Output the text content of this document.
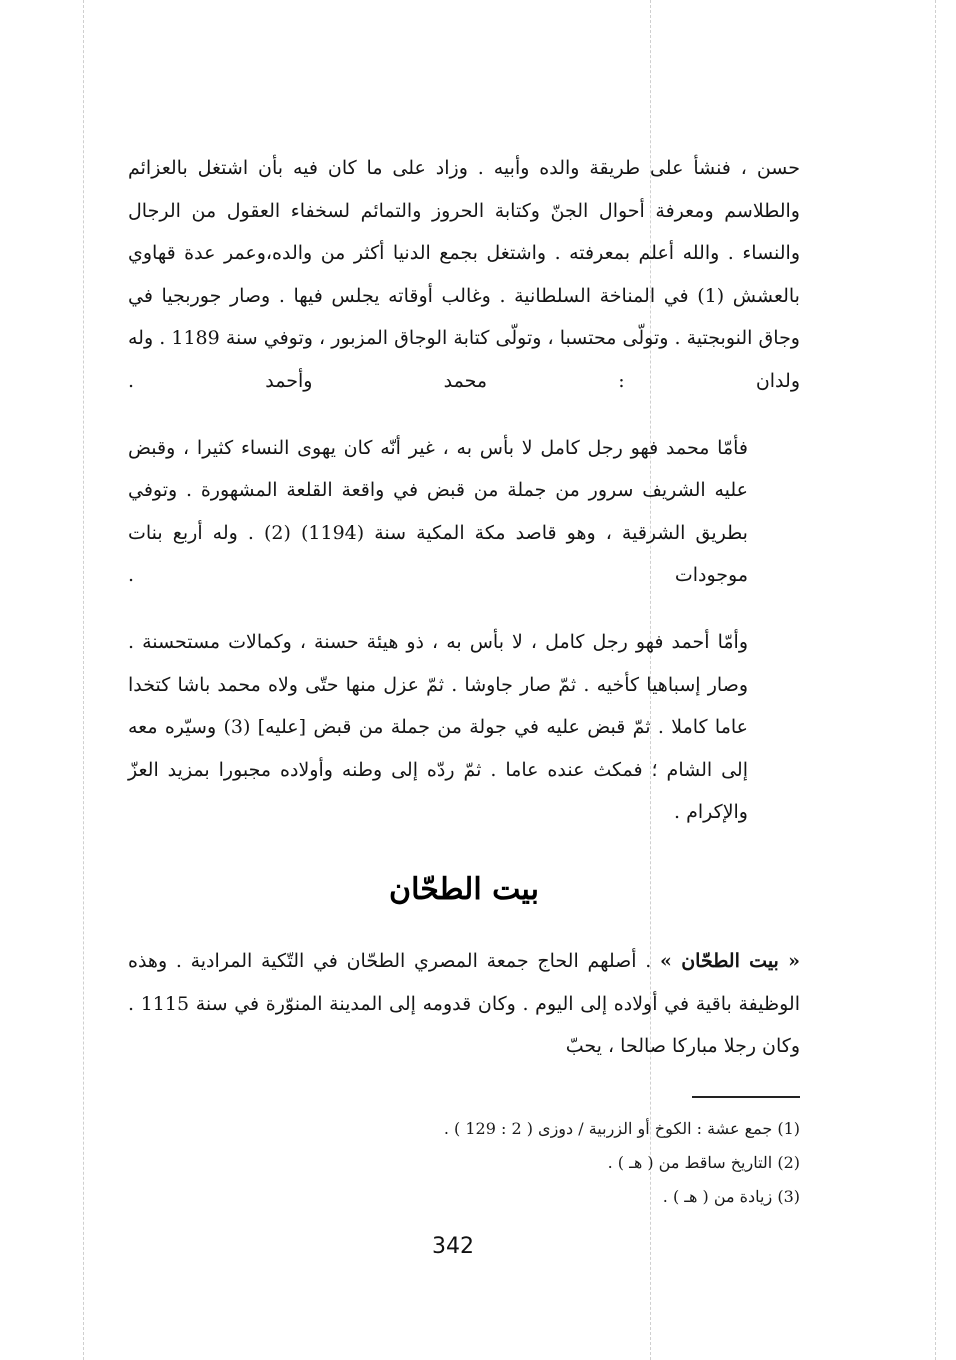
حسن ، فنشأ على طريقة والده وأبيه . وزاد على ما كان فيه بأن اشتغل بالعزائم والطلاسم ومعرفة أحوال الجنّ وكتابة الحروز والتمائم لسخفاء العقول من الرجال والنساء . والله أعلم بمعرفته . واشتغل بجمع الدنيا أكثر من والده،وعمر عدة قهاوي بالعشش (1) في المناخة السلطانية . وغالب أوقاته يجلس فيها . وصار جوربجيا في وجاق النوبجتية . وتولّى محتسبا ، وتولّى كتابة الوجاق المزبور ، وتوفي سنة 1189 . وله ولدان : محمد وأحمد .

فأمّا محمد فهو رجل كامل لا بأس به ، غير أنّه كان يهوى النساء كثيرا ، وقبض عليه الشريف سرور من جملة من قبض في واقعة القلعة المشهورة . وتوفي بطريق الشرقية ، وهو قاصد مكة المكية سنة (1194) (2) . وله أربع بنات موجودات .

وأمّا أحمد فهو رجل كامل ، لا بأس به ، ذو هيئة حسنة ، وكمالات مستحسنة . وصار إسباهيا كأخيه . ثمّ صار جاوشا . ثمّ عزل منها حتّى ولاه محمد باشا كتخدا عاما كاملا . ثمّ قبض عليه في جولة من جملة من قبض [عليه] (3) وسيّره معه إلى الشام ؛ فمكث عنده عاما . ثمّ ردّه إلى وطنه وأولاده مجبورا بمزيد العزّ والإكرام .

بيت الطحّان

« بيت الطحّان » . أصلهم الحاج جمعة المصري الطحّان في التّكية المرادية . وهذه الوظيفة باقية في أولاده إلى اليوم . وكان قدومه إلى المدينة المنوّرة في سنة 1115 . وكان رجلا مباركا صالحا ، يحبّ

(1) جمع عشة : الكوخ أو الزربية / دوزى ( 2 : 129 ) .
(2) التاريخ ساقط من ( هـ ) .
(3) زيادة من ( هـ ) .
342
